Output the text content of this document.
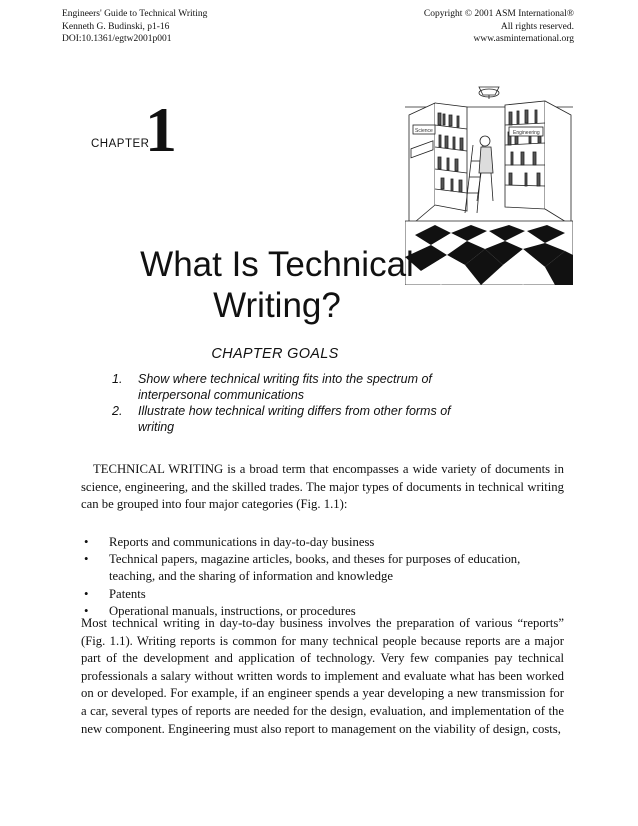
Engineers' Guide to Technical Writing
Kenneth G. Budinski, p1-16
DOI:10.1361/egtw2001p001
Copyright © 2001 ASM International®
All rights reserved.
www.asminternational.org
CHAPTER
1	Science	Engineering
What Is Technical
Writing?
CHAPTER GOALS
1. Show where technical writing fits into the spectrum of interpersonal communications
2. Illustrate how technical writing differs from other forms of writing
TECHNICAL WRITING is a broad term that encompasses a wide variety of documents in science, engineering, and the skilled trades. The major types of documents in technical writing can be grouped into four major categories (Fig. 1.1):
• Reports and communications in day-to-day business
• Technical papers, magazine articles, books, and theses for purposes of education, teaching, and the sharing of information and knowledge
• Patents
• Operational manuals, instructions, or procedures
Most technical writing in day-to-day business involves the preparation of various “reports” (Fig. 1.1). Writing reports is common for many technical people because reports are a major part of the development and application of technology. Very few companies pay technical professionals a salary without written words to implement and evaluate what has been worked on or developed. For example, if an engineer spends a year developing a new transmission for a car, several types of reports are needed for the design, evaluation, and implementation of the new component. Engineering must also report to management on the viability of design, costs,
